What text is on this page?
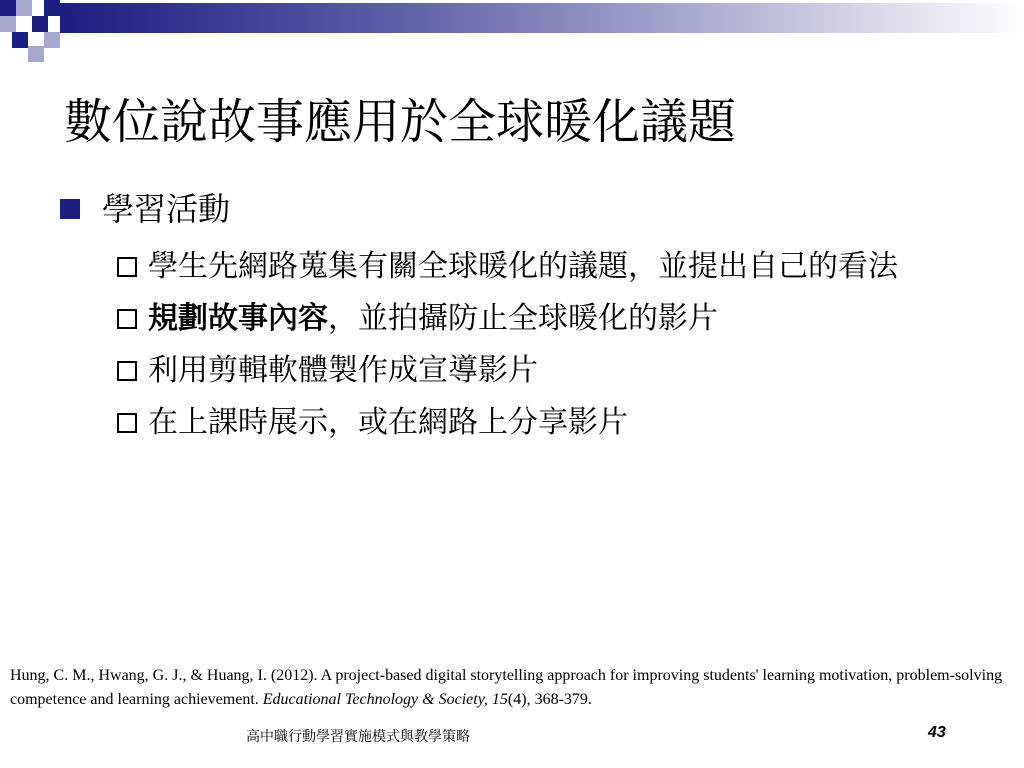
數位說故事應用於全球暖化議題
學習活動
學生先網路蒐集有關全球暖化的議題，並提出自己的看法
規劃故事內容，並拍攝防止全球暖化的影片
利用剪輯軟體製作成宣導影片
在上課時展示，或在網路上分享影片
Hung, C. M., Hwang, G. J., & Huang, I. (2012). A project-based digital storytelling approach for improving students' learning motivation, problem-solving competence and learning achievement. Educational Technology & Society, 15(4), 368-379.
高中職行動學習實施模式與教學策略	43
